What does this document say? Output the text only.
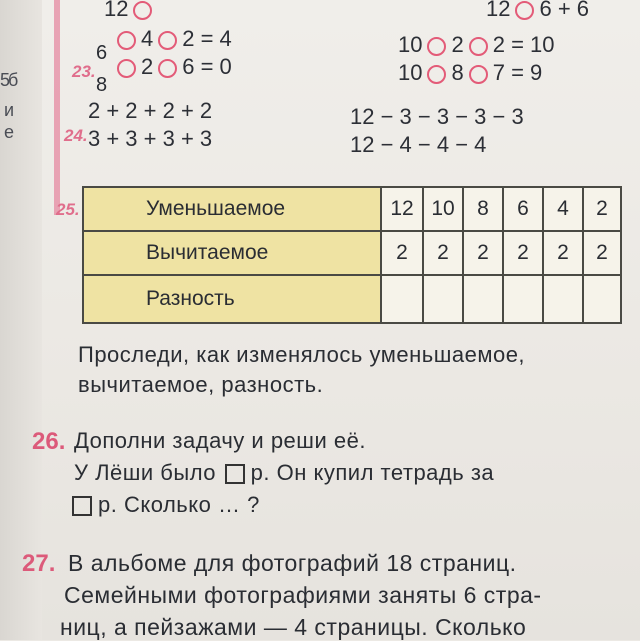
5
б
и
е
12	12 6 + 6
23.
6
8
4 2 = 4
2 6 = 0
10 2 2 = 10
10 8 7 = 9
24.
2 + 2 + 2 + 2
3 + 3 + 3 + 3
12 − 3 − 3 − 3 − 3
12 − 4 − 4 − 4
25.	Уменьшаемое	12 10	8	6	4	2
Вычитаемое	2	2	2	2	2	2
Разность
Проследи, как изменялось уменьшаемое,
вычитаемое, разность.
26. Дополни задачу и реши её.
У Лёши было р. Он купил тетрадь за
р. Сколько … ?
27. В альбоме для фотографий 18 страниц.
Семейными фотографиями заняты 6 стра-
ниц, а пейзажами — 4 страницы. Сколько
